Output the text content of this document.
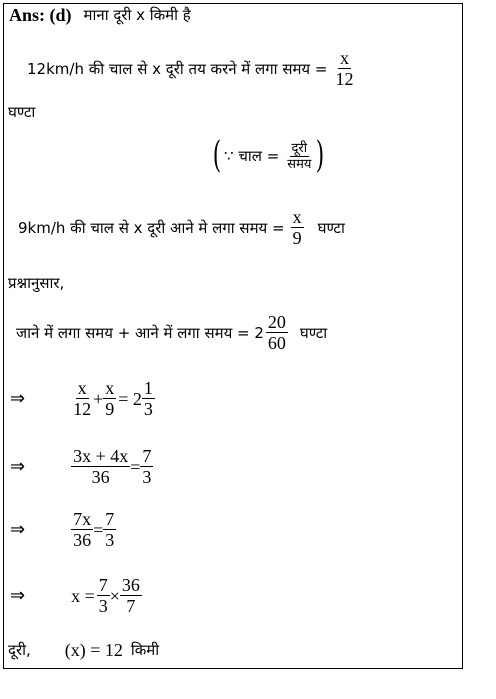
Ans: (d) माना दूरी x किमी है
12km/h की चाल से x दूरी तय करने में लगा समय = $\frac{x}{12}$
घण्टा
( ∵ चाल = $\frac{\text{दूरी}}{\text{समय}}$ )
9km/h की चाल से x दूरी आने मे लगा समय = $\frac{x}{9}$ घण्टा
प्रश्नानुसार,
जाने में लगा समय + आने में लगा समय = $2 \frac{20}{60}$ घण्टा
⇒	$\frac{x}{12} + \frac{x}{9} = 2 \frac{1}{3}$
⇒	$\frac{3x + 4x}{36} = \frac{7}{3}$
⇒	$\frac{7x}{36} = \frac{7}{3}$
⇒	$x = \frac{7}{3} \times \frac{36}{7}$
दूरी, (x) = 12 किमी
